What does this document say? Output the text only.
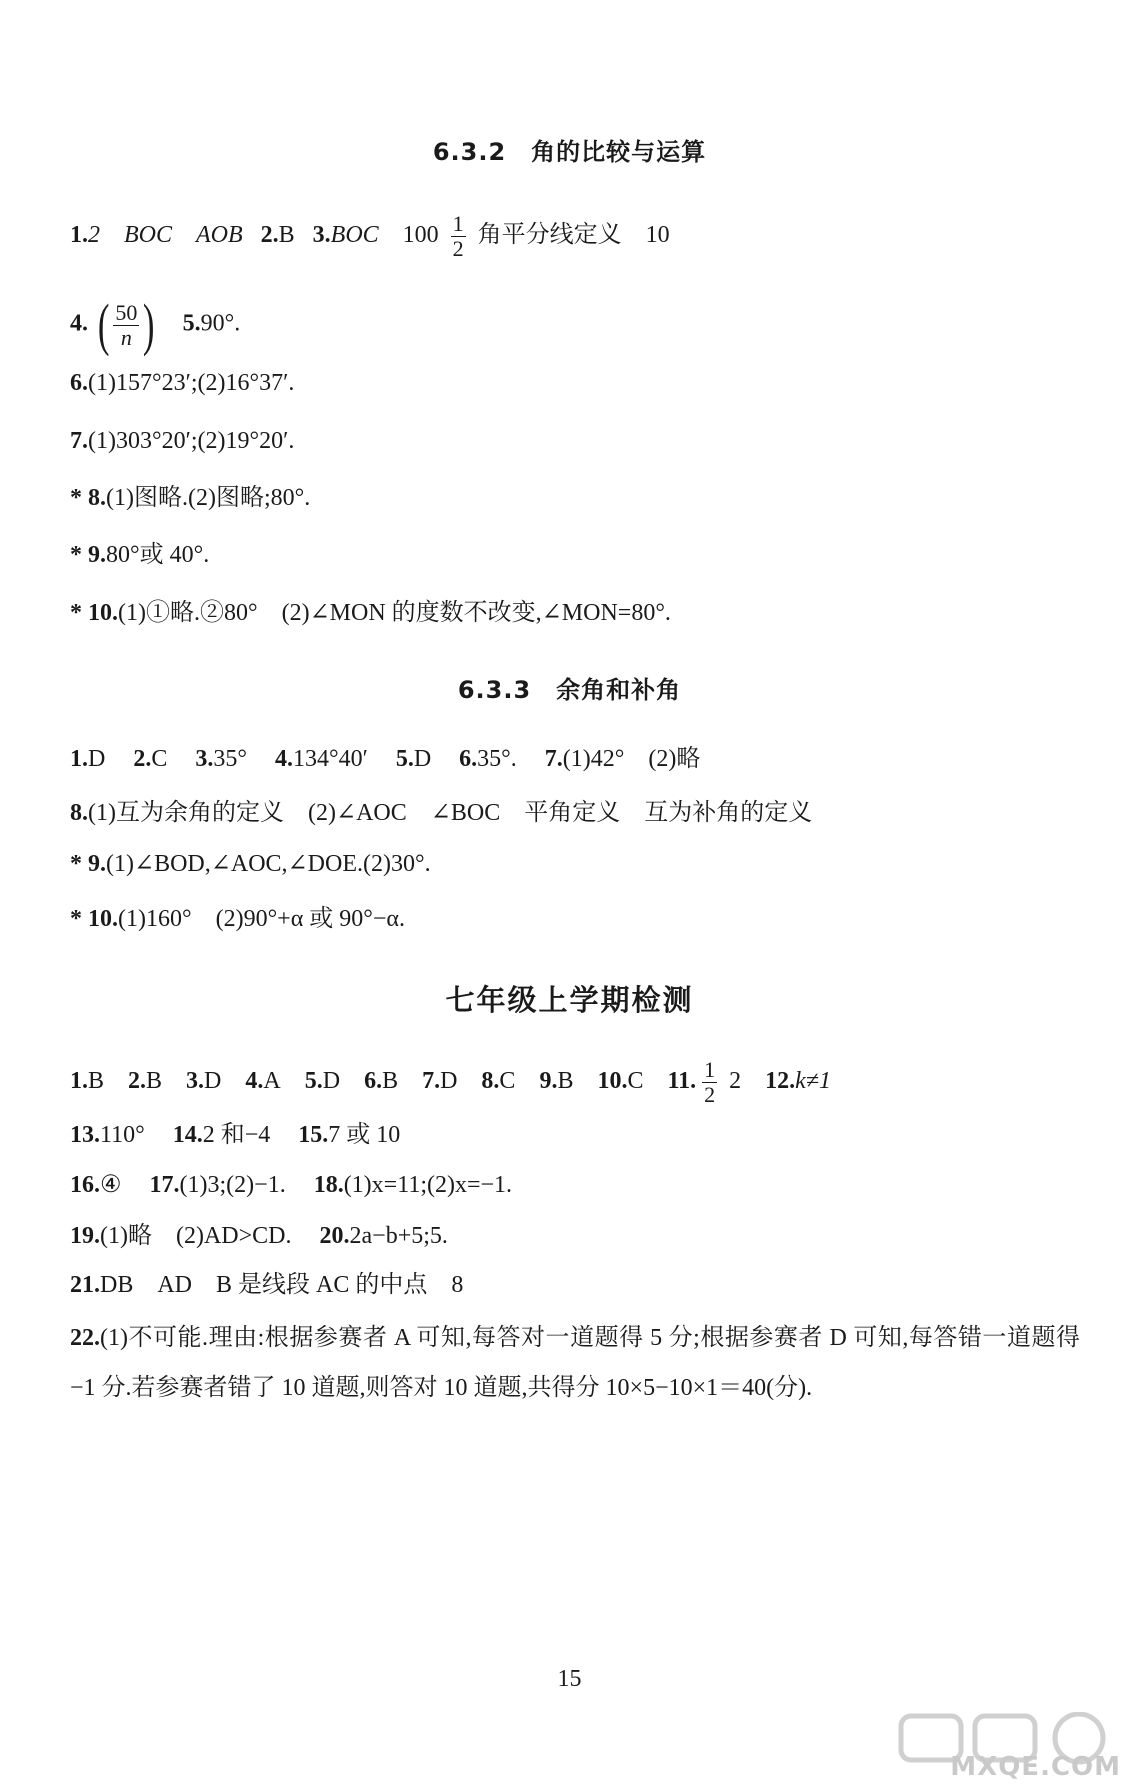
6.3.2　角的比较与运算
1.2　BOC　AOB 2.B 3.BOC $100 \frac{1}{2}$ 角平分线定义　10
4. ( $\frac{50}{n}$ ) 5.90°.
6.(1)157°23′;(2)16°37′.
7.(1)303°20′;(2)19°20′.
* 8.(1)图略.(2)图略;80°.
* 9.80°或 40°.
* 10.(1)①略.②80°　(2)∠MON 的度数不改变,∠MON=80°.
6.3.3　余角和补角
1.D 2.C 3.35° 4.134°40′ 5.D 6.35°. 7.(1)42°　(2)略
8.(1)互为余角的定义　(2)∠AOC　∠BOC　平角定义　互为补角的定义
* 9.(1)∠BOD,∠AOC,∠DOE.(2)30°.
* 10.(1)160°　(2)90°+α 或 90°−α.
七年级上学期检测
1.B 2.B 3.D 4.A 5.D 6.B 7.D 8.C 9.B 10.C 11. $\frac{1}{2} 2$ 12.k≠1
13.110° 14.2 和−4 15.7 或 10
16.④ 17.(1)3;(2)−1. 18.(1)x=11;(2)x=−1.
19.(1)略　(2)AD>CD. 20.2a−b+5;5.
21.DB　AD　B 是线段 AC 的中点　8
22.(1)不可能.理由:根据参赛者 A 可知,每答对一道题得 5 分;根据参赛者 D 可知,每答错一道题得−1 分.若参赛者错了 10 道题,则答对 10 道题,共得分 10×5−10×1＝40(分).
15
MXQE.COM
